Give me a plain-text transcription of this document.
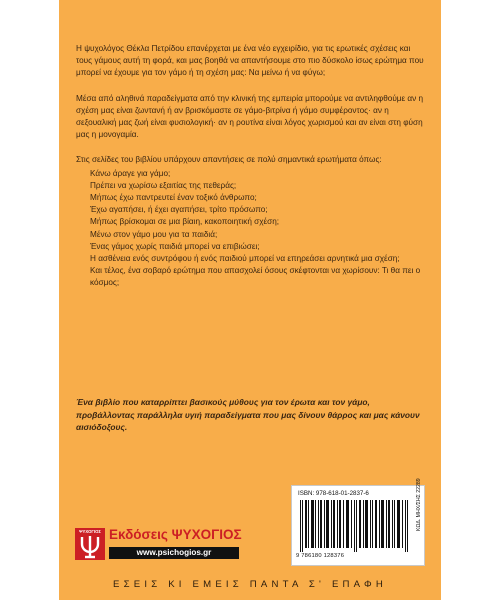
Η ψυχολόγος Θέκλα Πετρίδου επανέρχεται με ένα νέο εγχειρίδιο, για τις ερωτικές σχέσεις και τους γάμους αυτή τη φορά, και μας βοηθά να απαντήσουμε στο πιο δύσκολο ίσως ερώτημα που μπορεί να έχουμε για τον γάμο ή τη σχέση μας: Να μείνω ή να φύγω;

Μέσα από αληθινά παραδείγματα από την κλινική της εμπειρία μπορούμε να αντιληφθούμε αν η σχέση μας είναι ζωντανή ή αν βρισκόμαστε σε γάμο-βιτρίνα ή γάμο συμφέροντος· αν η σεξουαλική μας ζωή είναι φυσιολογική· αν η ρουτίνα είναι λόγος χωρισμού και αν είναι στη φύση μας η μονογαμία.

Στις σελίδες του βιβλίου υπάρχουν απαντήσεις σε πολύ σημαντικά ερωτήματα όπως:

Κάνω άραγε για γάμο;
Πρέπει να χωρίσω εξαιτίας της πεθεράς;
Μήπως έχω παντρευτεί έναν τοξικό άνθρωπο;
Έχω αγαπήσει, ή έχει αγαπήσει, τρίτο πρόσωπο;
Μήπως βρίσκομαι σε μια βίαιη, κακοποιητική σχέση;
Μένω στον γάμο μου για τα παιδιά;
Ένας γάμος χωρίς παιδιά μπορεί να επιβιώσει;
Η ασθένεια ενός συντρόφου ή ενός παιδιού μπορεί να επηρεάσει αρνητικά μια σχέση;
Και τέλος, ένα σοβαρό ερώτημα που απασχολεί όσους σκέφτονται να χωρίσουν: Τι θα πει ο κόσμος;

Ένα βιβλίο που καταρρίπτει βασικούς μύθους για τον έρωτα και τον γάμο, προβάλλοντας παράλληλα υγιή παραδείγματα που μας δίνουν θάρρος και μας κάνουν αισιόδοξους.

ISBN: 978-618-01-2837-6
9 786180 128376
ΚΩΔ. ΜΗΧ/ΣΗΣ 22289
ΨΥΧΟΓΙΟΣ Εκδόσεις ΨΥΧΟΓΙΟΣ
www.psichogios.gr
ΕΣΕΙΣ ΚΙ ΕΜΕΙΣ ΠΑΝΤΑ Σ' ΕΠΑΦΗ
